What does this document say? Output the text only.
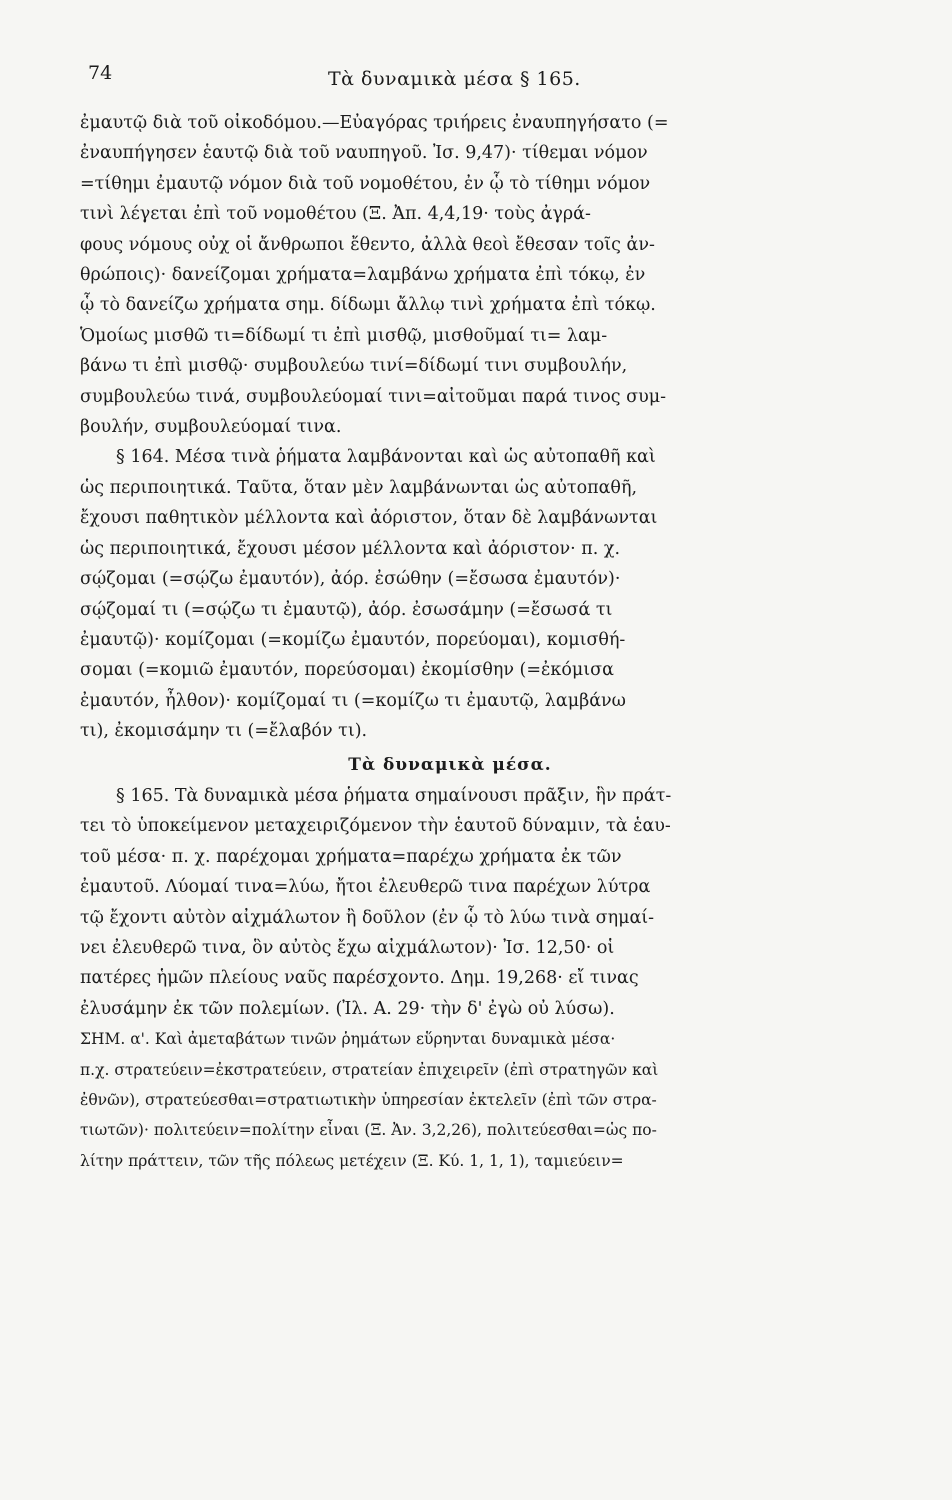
74	Τὰ δυναμικὰ μέσα § 165.
ἐμαυτῷ διὰ τοῦ οἰκοδόμου.—Εὐαγόρας τριήρεις ἐναυπηγήσατο (=
ἐναυπήγησεν ἑαυτῷ διὰ τοῦ ναυπηγοῦ. Ἰσ. 9,47)· τίθεμαι νόμον
=τίθημι ἐμαυτῷ νόμον διὰ τοῦ νομοθέτου, ἐν ᾧ τὸ τίθημι νόμον
τινὶ λέγεται ἐπὶ τοῦ νομοθέτου (Ξ. Ἀπ. 4,4,19· τοὺς ἀγρά-
φους νόμους οὐχ οἱ ἄνθρωποι ἔθεντο, ἀλλὰ θεοὶ ἔθεσαν τοῖς ἀν-
θρώποις)· δανείζομαι χρήματα=λαμβάνω χρήματα ἐπὶ τόκῳ, ἐν
ᾧ τὸ δανείζω χρήματα σημ. δίδωμι ἄλλῳ τινὶ χρήματα ἐπὶ τόκῳ.
Ὁμοίως μισθῶ τι=δίδωμί τι ἐπὶ μισθῷ, μισθοῦμαί τι= λαμ-
βάνω τι ἐπὶ μισθῷ· συμβουλεύω τινί=δίδωμί τινι συμβουλήν,
συμβουλεύω τινά, συμβουλεύομαί τινι=αἰτοῦμαι παρά τινος συμ-
βουλήν, συμβουλεύομαί τινα.
§ 164. Μέσα τινὰ ῥήματα λαμβάνονται καὶ ὡς αὐτοπαθῆ καὶ
ὡς περιποιητικά. Ταῦτα, ὅταν μὲν λαμβάνωνται ὡς αὐτοπαθῆ,
ἔχουσι παθητικὸν μέλλοντα καὶ ἀόριστον, ὅταν δὲ λαμβάνωνται
ὡς περιποιητικά, ἔχουσι μέσον μέλλοντα καὶ ἀόριστον· π. χ.
σῴζομαι (=σῴζω ἐμαυτόν), ἀόρ. ἐσώθην (=ἔσωσα ἐμαυτόν)·
σῴζομαί τι (=σῴζω τι ἐμαυτῷ), ἀόρ. ἐσωσάμην (=ἔσωσά τι
ἐμαυτῷ)· κομίζομαι (=κομίζω ἐμαυτόν, πορεύομαι), κομισθή-
σομαι (=κομιῶ ἐμαυτόν, πορεύσομαι) ἐκομίσθην (=ἐκόμισα
ἐμαυτόν, ἦλθον)· κομίζομαί τι (=κομίζω τι ἐμαυτῷ, λαμβάνω
τι), ἐκομισάμην τι (=ἔλαβόν τι).
Τὰ δυναμικὰ μέσα.
§ 165. Τὰ δυναμικὰ μέσα ῥήματα σημαίνουσι πρᾶξιν, ἣν πράτ-
τει τὸ ὑποκείμενον μεταχειριζόμενον τὴν ἑαυτοῦ δύναμιν, τὰ ἑαυ-
τοῦ μέσα· π. χ. παρέχομαι χρήματα=παρέχω χρήματα ἐκ τῶν
ἐμαυτοῦ. Λύομαί τινα=λύω, ἤτοι ἐλευθερῶ τινα παρέχων λύτρα
τῷ ἔχοντι αὐτὸν αἰχμάλωτον ἢ δοῦλον (ἐν ᾧ τὸ λύω τινὰ σημαί-
νει ἐλευθερῶ τινα, ὃν αὐτὸς ἔχω αἰχμάλωτον)· Ἰσ. 12,50· οἱ
πατέρες ἡμῶν πλείους ναῦς παρέσχοντο. Δημ. 19,268· εἴ τινας
ἐλυσάμην ἐκ τῶν πολεμίων. (Ἰλ. Α. 29· τὴν δ' ἐγὼ οὐ λύσω).
ΣΗΜ. α'. Καὶ ἀμεταβάτων τινῶν ῥημάτων εὕρηνται δυναμικὰ μέσα·
π.χ. στρατεύειν=ἐκστρατεύειν, στρατείαν ἐπιχειρεῖν (ἐπὶ στρατηγῶν καὶ
ἐθνῶν), στρατεύεσθαι=στρατιωτικὴν ὑπηρεσίαν ἐκτελεῖν (ἐπὶ τῶν στρα-
τιωτῶν)· πολιτεύειν=πολίτην εἶναι (Ξ. Ἀν. 3,2,26), πολιτεύεσθαι=ὡς πο-
λίτην πράττειν, τῶν τῆς πόλεως μετέχειν (Ξ. Κύ. 1, 1, 1), ταμιεύειν=
